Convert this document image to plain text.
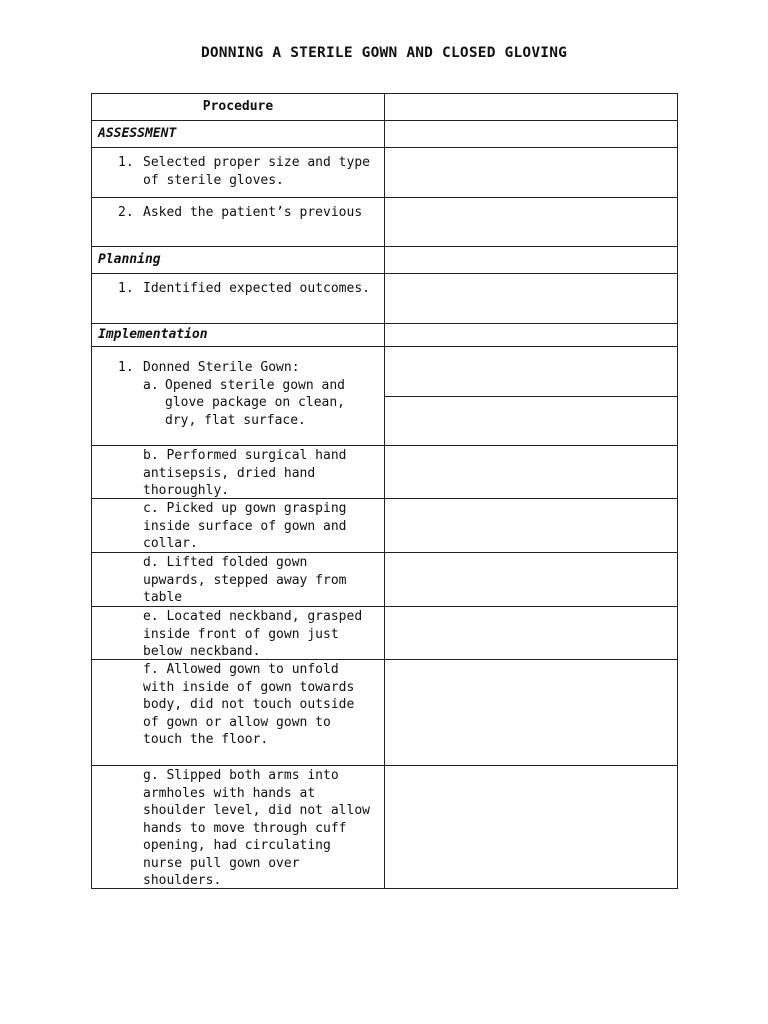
DONNING A STERILE GOWN AND CLOSED GLOVING
Procedure
ASSESSMENT
1. Selected proper size and type of sterile gloves.
2. Asked the patient’s previous
Planning
1. Identified expected outcomes.
Implementation
1. Donned Sterile Gown:
a. Opened sterile gown and glove package on clean, dry, flat surface.
b. Performed surgical hand antisepsis, dried hand thoroughly.
c. Picked up gown grasping inside surface of gown and collar.
d. Lifted folded gown upwards, stepped away from table
e. Located neckband, grasped inside front of gown just below neckband.
f. Allowed gown to unfold with inside of gown towards body, did not touch outside of gown or allow gown to touch the floor.
g. Slipped both arms into armholes with hands at shoulder level, did not allow hands to move through cuff opening, had circulating nurse pull gown over shoulders.
